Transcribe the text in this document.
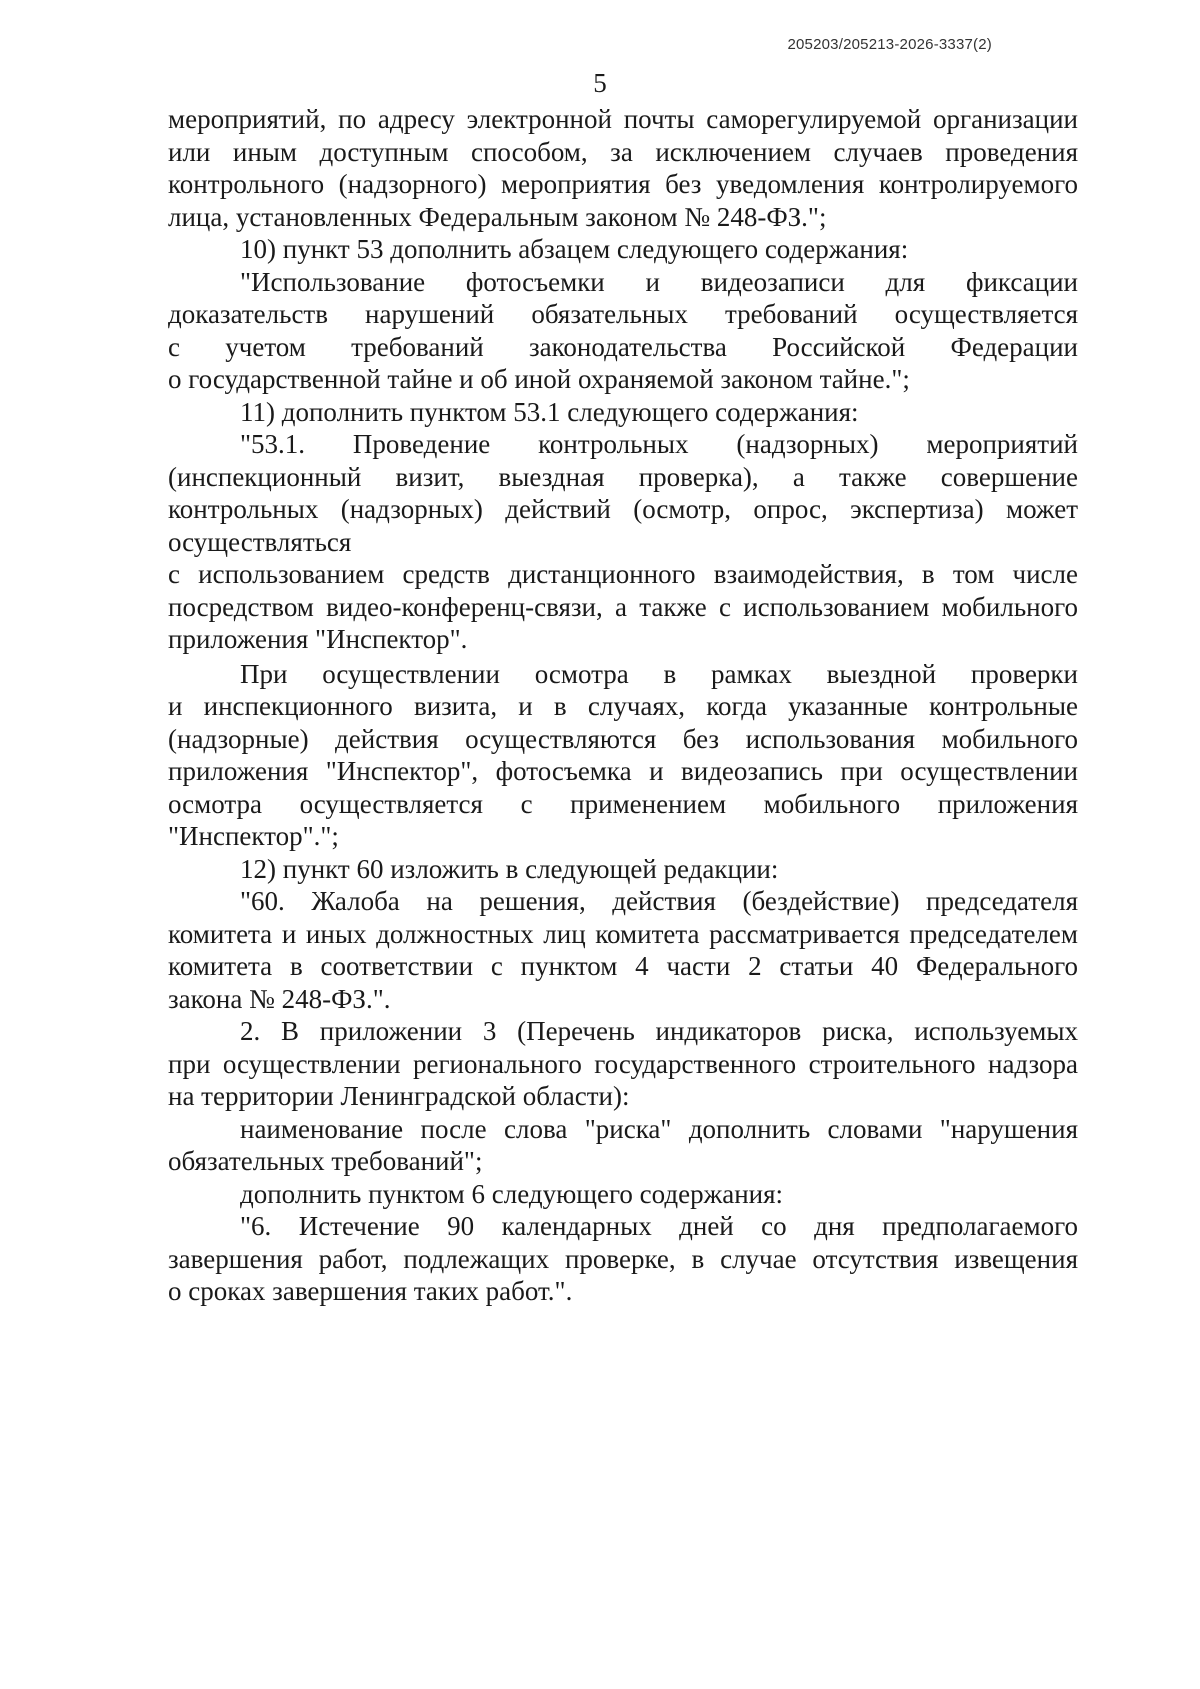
205203/205213-2026-3337(2)
5
мероприятий, по адресу электронной почты саморегулируемой организации
или иным доступным способом, за исключением случаев проведения
контрольного (надзорного) мероприятия без уведомления контролируемого
лица, установленных Федеральным законом № 248-ФЗ.";
10) пункт 53 дополнить абзацем следующего содержания:
"Использование фотосъемки и видеозаписи для фиксации
доказательств нарушений обязательных требований осуществляется
с учетом требований законодательства Российской Федерации
о государственной тайне и об иной охраняемой законом тайне.";
11) дополнить пунктом 53.1 следующего содержания:
"53.1. Проведение контрольных (надзорных) мероприятий
(инспекционный визит, выездная проверка), а также совершение
контрольных (надзорных) действий (осмотр, опрос, экспертиза) может
осуществляться
с использованием средств дистанционного взаимодействия, в том числе
посредством видео-конференц-связи, а также с использованием мобильного
приложения "Инспектор".
При осуществлении осмотра в рамках выездной проверки
и инспекционного визита, и в случаях, когда указанные контрольные
(надзорные) действия осуществляются без использования мобильного
приложения "Инспектор", фотосъемка и видеозапись при осуществлении
осмотра осуществляется с применением мобильного приложения
"Инспектор".";
12) пункт 60 изложить в следующей редакции:
"60. Жалоба на решения, действия (бездействие) председателя
комитета и иных должностных лиц комитета рассматривается председателем
комитета в соответствии с пунктом 4 части 2 статьи 40 Федерального
закона № 248-ФЗ.".
2. В приложении 3 (Перечень индикаторов риска, используемых
при осуществлении регионального государственного строительного надзора
на территории Ленинградской области):
наименование после слова "риска" дополнить словами "нарушения
обязательных требований";
дополнить пунктом 6 следующего содержания:
"6. Истечение 90 календарных дней со дня предполагаемого
завершения работ, подлежащих проверке, в случае отсутствия извещения
о сроках завершения таких работ.".
